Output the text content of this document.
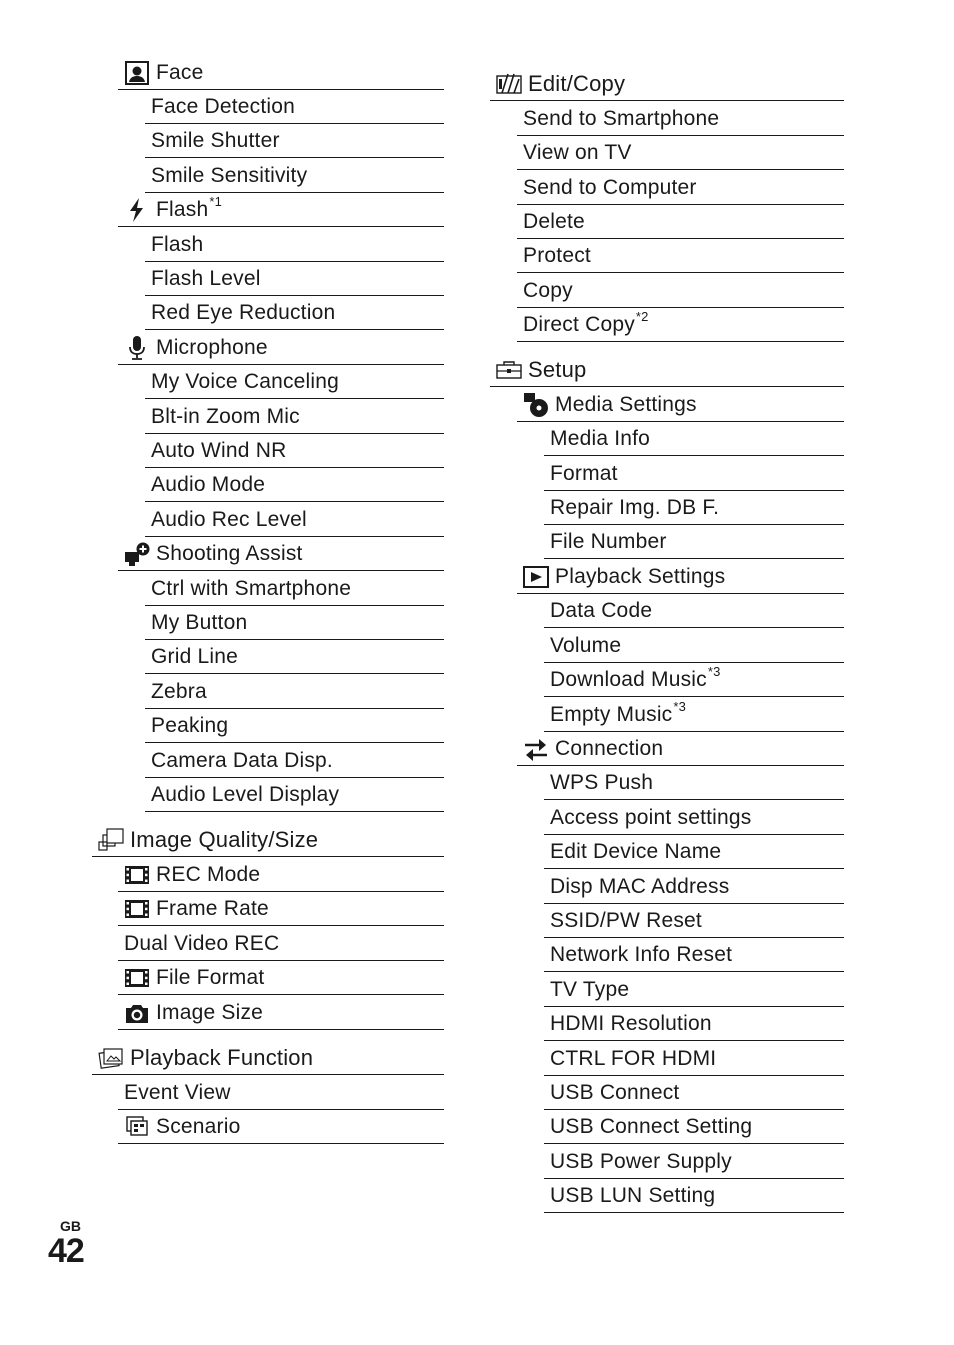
Face
Face Detection
Smile Shutter
Smile Sensitivity
Flash$^{*1}$
Flash
Flash Level
Red Eye Reduction
Microphone
My Voice Canceling
Blt-in Zoom Mic
Auto Wind NR
Audio Mode
Audio Rec Level
Shooting Assist
Ctrl with Smartphone
My Button
Grid Line
Zebra
Peaking
Camera Data Disp.
Audio Level Display
Image Quality/Size
REC Mode
Frame Rate
Dual Video REC
File Format
Image Size
Playback Function
Event View
Scenario
Edit/Copy
Send to Smartphone
View on TV
Send to Computer
Delete
Protect
Copy
Direct Copy$^{*2}$
Setup
Media Settings
Media Info
Format
Repair Img. DB F.
File Number
Playback Settings
Data Code
Volume
Download Music$^{*3}$
Empty Music$^{*3}$
Connection
WPS Push
Access point settings
Edit Device Name
Disp MAC Address
SSID/PW Reset
Network Info Reset
TV Type
HDMI Resolution
CTRL FOR HDMI
USB Connect
USB Connect Setting
USB Power Supply
USB LUN Setting
GB
42
